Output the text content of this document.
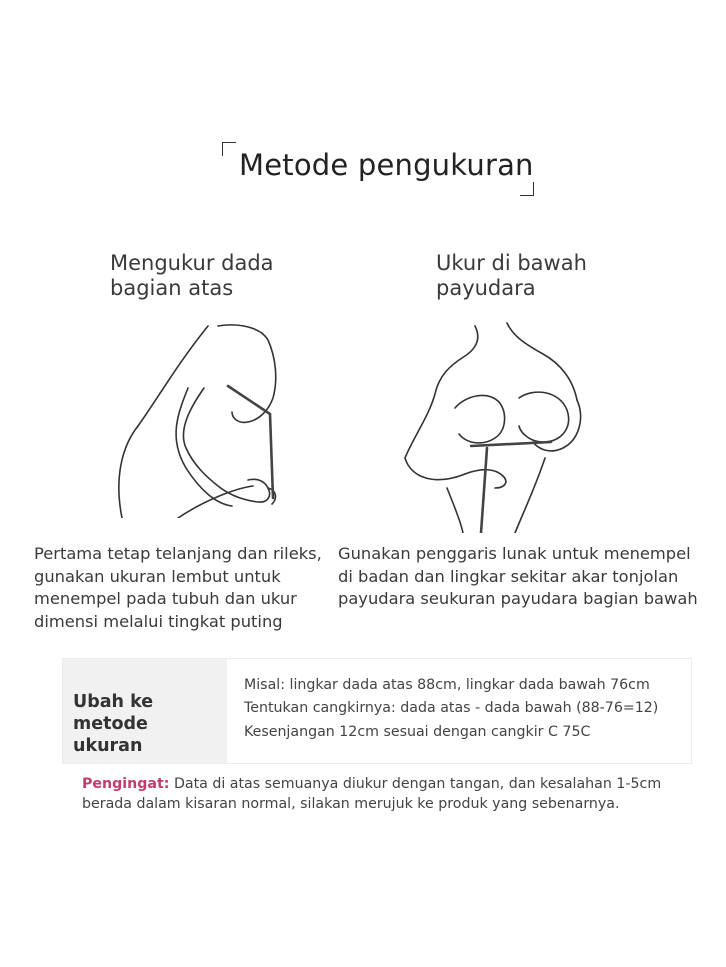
Metode pengukuran
Mengukur dada
bagian atas
Ukur di bawah
payudara
Pertama tetap telanjang dan rileks, gunakan ukuran lembut untuk menempel pada tubuh dan ukur dimensi melalui tingkat puting
Gunakan penggaris lunak untuk menempel di badan dan lingkar sekitar akar tonjolan payudara seukuran payudara bagian bawah
Ubah ke metode
ukuran
Misal: lingkar dada atas 88cm, lingkar dada bawah 76cm
Tentukan cangkirnya: dada atas - dada bawah (88-76=12)
Kesenjangan 12cm sesuai dengan cangkir C 75C
Pengingat: Data di atas semuanya diukur dengan tangan, dan kesalahan 1-5cm berada dalam kisaran normal, silakan merujuk ke produk yang sebenarnya.
